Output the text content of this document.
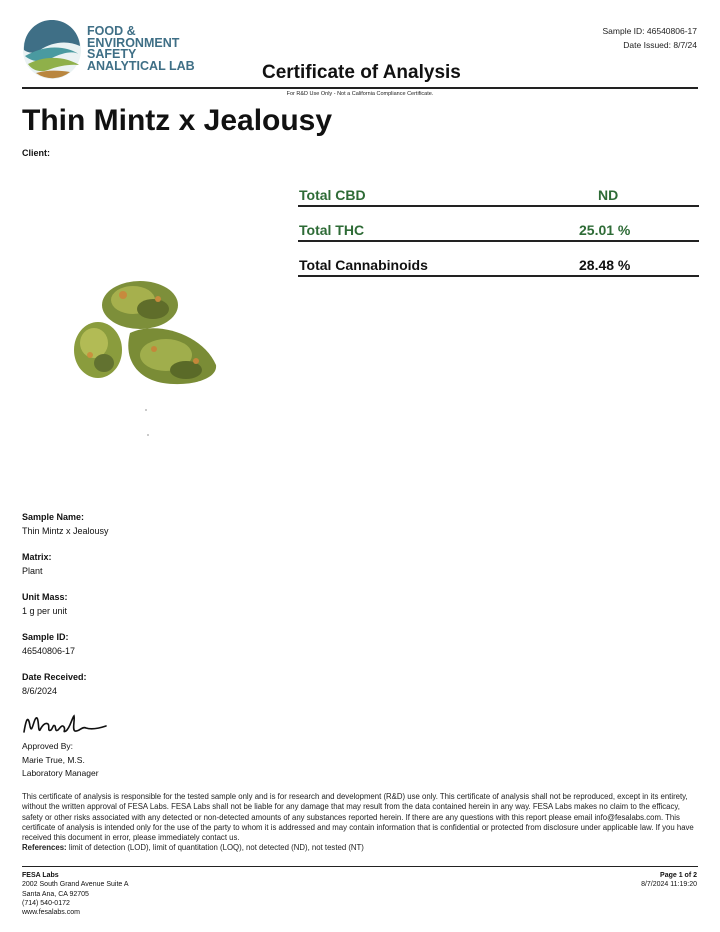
FOOD &
ENVIRONMENT
SAFETY
ANALYTICAL LAB	Certificate of Analysis
Sample ID: 46540806-17
Date Issued: 8/7/24
For R&D Use Only - Not a California Compliance Certificate.
Thin Mintz x Jealousy
Client:
Total CBD	ND
Total THC	25.01 %
Total Cannabinoids	28.48 %
Sample Name:
Thin Mintz x Jealousy
Matrix:
Plant
Unit Mass:
1 g per unit
Sample ID:
46540806-17
Date Received:
8/6/2024
Approved By:
Marie True, M.S.
Laboratory Manager
This certificate of analysis is responsible for the tested sample only and is for research and development (R&D) use only. This certificate of analysis shall not be reproduced, except in its entirety, without the written approval of FESA Labs. FESA Labs shall not be liable for any damage that may result from the data contained herein in any way. FESA Labs makes no claim to the efficacy, safety or other risks associated with any detected or non-detected amounts of any substances reported herein. If there are any questions with this report please email info@fesalabs.com. This certificate of analysis is intended only for the use of the party to whom it is addressed and may contain information that is confidential or protected from disclosure under applicable law. If you have received this document in error, please immediately contact us.
References: limit of detection (LOD), limit of quantitation (LOQ), not detected (ND), not tested (NT)
FESA Labs
2002 South Grand Avenue Suite A
Santa Ana, CA 92705
(714) 540-0172
www.fesalabs.com
Page 1 of 2
8/7/2024 11:19:20
